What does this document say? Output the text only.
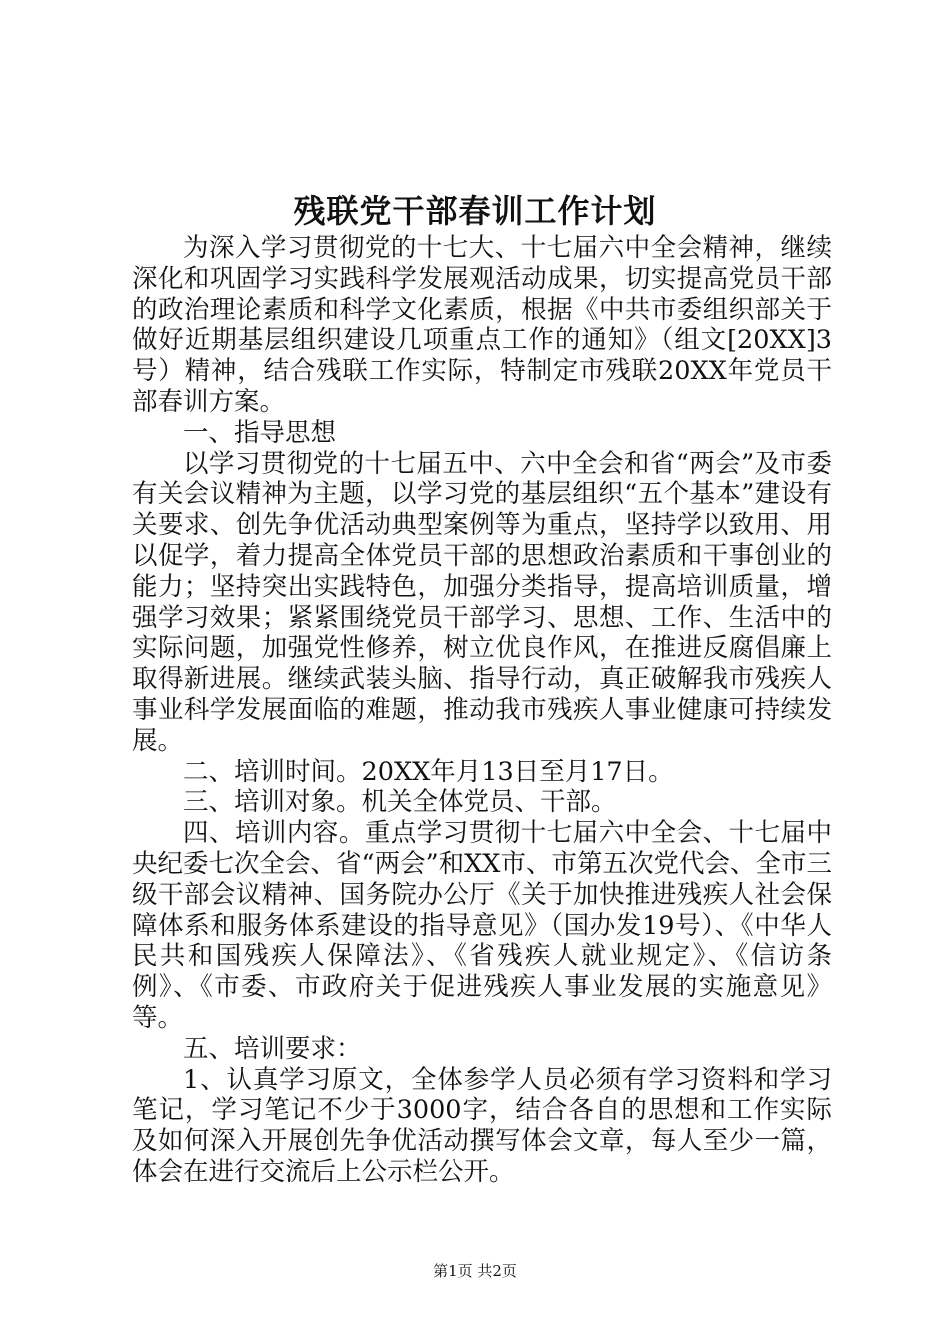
残联党干部春训工作计划

为深入学习贯彻党的十七大、十七届六中全会精神，继续深化和巩固学习实践科学发展观活动成果，切实提高党员干部的政治理论素质和科学文化素质，根据《中共市委组织部关于做好近期基层组织建设几项重点工作的通知》（组文[20XX]3号）精神，结合残联工作实际，特制定市残联20XX年党员干部春训方案。

一、指导思想

以学习贯彻党的十七届五中、六中全会和省“两会”及市委有关会议精神为主题，以学习党的基层组织“五个基本”建设有关要求、创先争优活动典型案例等为重点，坚持学以致用、用以促学，着力提高全体党员干部的思想政治素质和干事创业的能力；坚持突出实践特色，加强分类指导，提高培训质量，增强学习效果；紧紧围绕党员干部学习、思想、工作、生活中的实际问题，加强党性修养，树立优良作风，在推进反腐倡廉上取得新进展。继续武装头脑、指导行动，真正破解我市残疾人事业科学发展面临的难题，推动我市残疾人事业健康可持续发展。

二、培训时间。20XX年月13日至月17日。

三、培训对象。机关全体党员、干部。

四、培训内容。重点学习贯彻十七届六中全会、十七届中央纪委七次全会、省“两会”和XX市、市第五次党代会、全市三级干部会议精神、国务院办公厅《关于加快推进残疾人社会保障体系和服务体系建设的指导意见》（国办发19号）、《中华人民共和国残疾人保障法》、《省残疾人就业规定》、《信访条例》、《市委、市政府关于促进残疾人事业发展的实施意见》等。

五、培训要求：

1、认真学习原文，全体参学人员必须有学习资料和学习笔记，学习笔记不少于3000字，结合各自的思想和工作实际及如何深入开展创先争优活动撰写体会文章，每人至少一篇，体会在进行交流后上公示栏公开。

第1页 共2页
